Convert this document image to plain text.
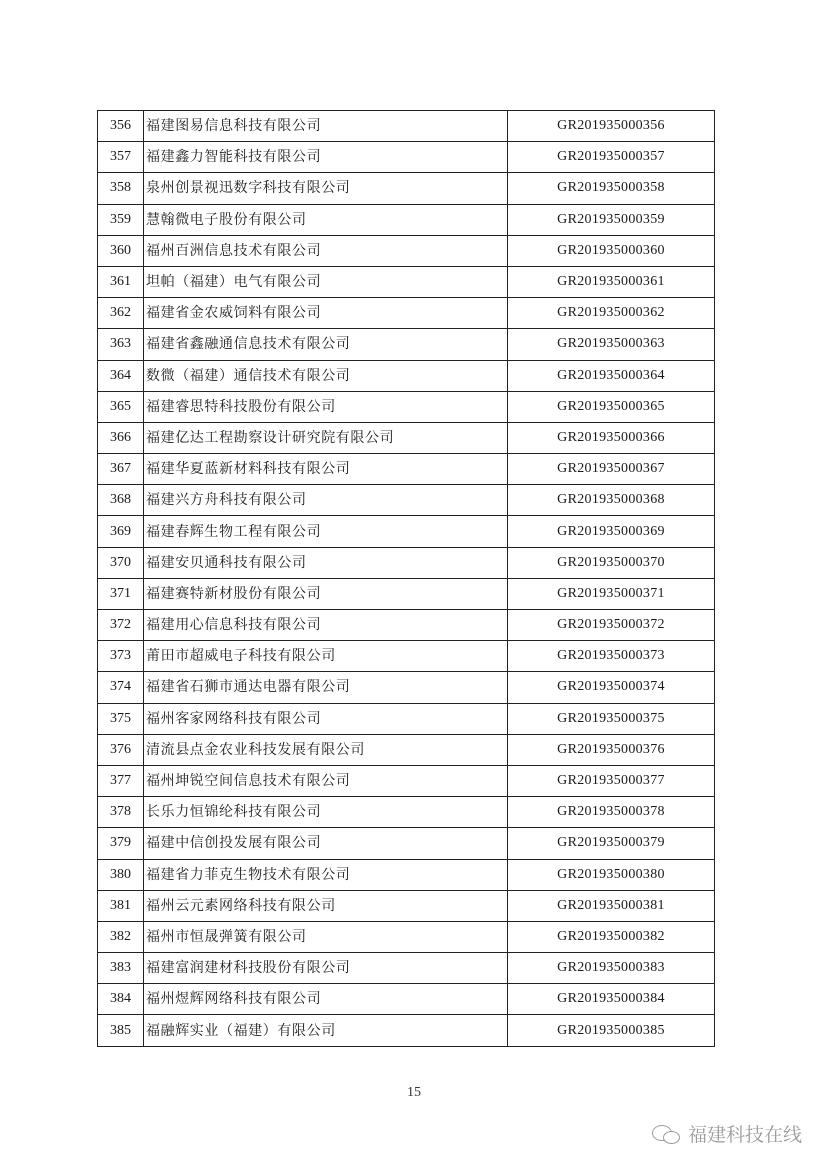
356	福建图易信息科技有限公司	GR201935000356
357	福建鑫力智能科技有限公司	GR201935000357
358	泉州创景视迅数字科技有限公司	GR201935000358
359	慧翰微电子股份有限公司	GR201935000359
360	福州百洲信息技术有限公司	GR201935000360
361	坦帕（福建）电气有限公司	GR201935000361
362	福建省金农威饲料有限公司	GR201935000362
363	福建省鑫融通信息技术有限公司	GR201935000363
364	数微（福建）通信技术有限公司	GR201935000364
365	福建睿思特科技股份有限公司	GR201935000365
366	福建亿达工程勘察设计研究院有限公司	GR201935000366
367	福建华夏蓝新材料科技有限公司	GR201935000367
368	福建兴方舟科技有限公司	GR201935000368
369	福建春辉生物工程有限公司	GR201935000369
370	福建安贝通科技有限公司	GR201935000370
371	福建赛特新材股份有限公司	GR201935000371
372	福建用心信息科技有限公司	GR201935000372
373	莆田市超威电子科技有限公司	GR201935000373
374	福建省石狮市通达电器有限公司	GR201935000374
375	福州客家网络科技有限公司	GR201935000375
376	清流县点金农业科技发展有限公司	GR201935000376
377	福州坤锐空间信息技术有限公司	GR201935000377
378	长乐力恒锦纶科技有限公司	GR201935000378
379	福建中信创投发展有限公司	GR201935000379
380	福建省力菲克生物技术有限公司	GR201935000380
381	福州云元素网络科技有限公司	GR201935000381
382	福州市恒晟弹簧有限公司	GR201935000382
383	福建富润建材科技股份有限公司	GR201935000383
384	福州煜辉网络科技有限公司	GR201935000384
385	福融辉实业（福建）有限公司	GR201935000385
15
福建科技在线
